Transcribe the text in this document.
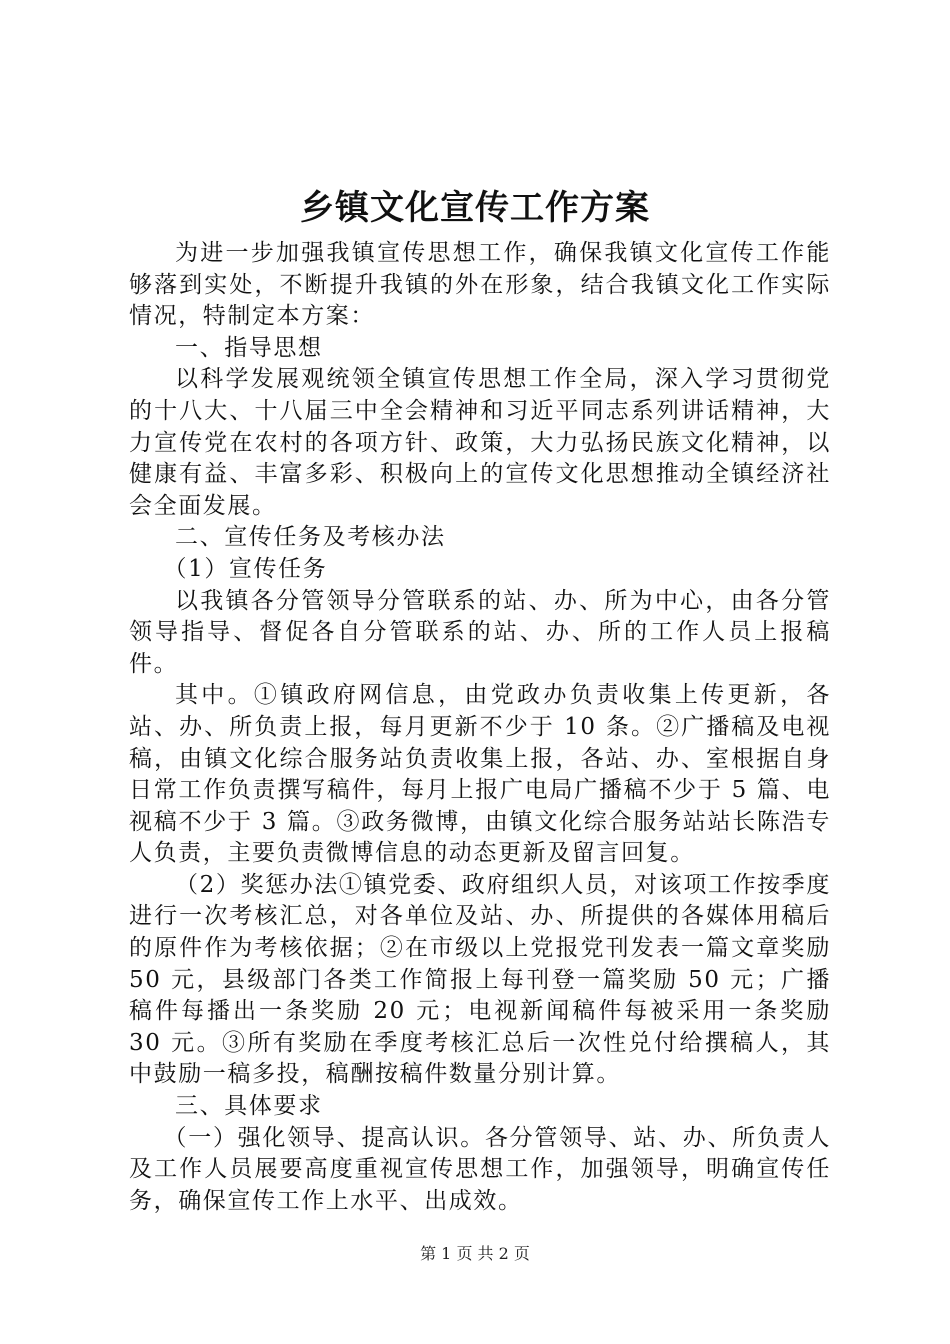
乡镇文化宣传工作方案

为进一步加强我镇宣传思想工作，确保我镇文化宣传工作能够落到实处，不断提升我镇的外在形象，结合我镇文化工作实际情况，特制定本方案：

一、指导思想

以科学发展观统领全镇宣传思想工作全局，深入学习贯彻党的十八大、十八届三中全会精神和习近平同志系列讲话精神，大力宣传党在农村的各项方针、政策，大力弘扬民族文化精神，以健康有益、丰富多彩、积极向上的宣传文化思想推动全镇经济社会全面发展。

二、宣传任务及考核办法

（1）宣传任务

以我镇各分管领导分管联系的站、办、所为中心，由各分管领导指导、督促各自分管联系的站、办、所的工作人员上报稿件。

其中。①镇政府网信息，由党政办负责收集上传更新，各站、办、所负责上报，每月更新不少于 10 条。②广播稿及电视稿，由镇文化综合服务站负责收集上报，各站、办、室根据自身日常工作负责撰写稿件，每月上报广电局广播稿不少于 5 篇、电视稿不少于 3 篇。③政务微博，由镇文化综合服务站站长陈浩专人负责，主要负责微博信息的动态更新及留言回复。

（2）奖惩办法①镇党委、政府组织人员，对该项工作按季度进行一次考核汇总，对各单位及站、办、所提供的各媒体用稿后的原件作为考核依据；②在市级以上党报党刊发表一篇文章奖励 50 元，县级部门各类工作简报上每刊登一篇奖励 50 元；广播稿件每播出一条奖励 20 元；电视新闻稿件每被采用一条奖励 30 元。③所有奖励在季度考核汇总后一次性兑付给撰稿人，其中鼓励一稿多投，稿酬按稿件数量分别计算。

三、具体要求

（一）强化领导、提高认识。各分管领导、站、办、所负责人及工作人员展要高度重视宣传思想工作，加强领导，明确宣传任务，确保宣传工作上水平、出成效。

第 1 页 共 2 页
